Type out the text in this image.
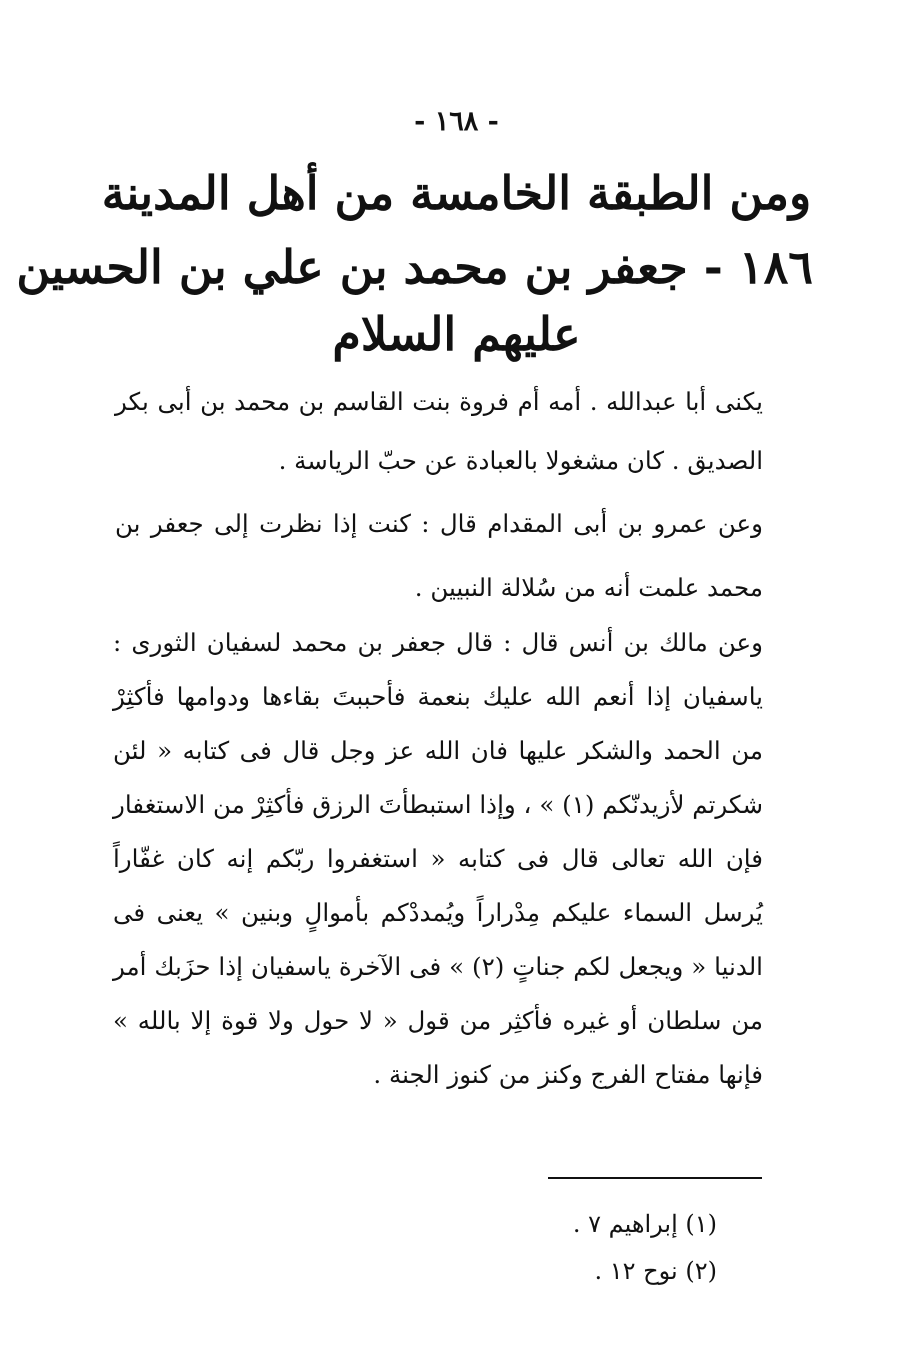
- ١٦٨ -
ومن الطبقة الخامسة من أهل المدينة
١٨٦ - جعفر بن محمد بن علي بن الحسين
عليهم السلام
يكنى أبا عبدالله . أمه أم فروة بنت القاسم بن محمد بن أبى بكر الصديق . كان مشغولا بالعبادة عن حبّ الرياسة .
وعن عمرو بن أبى المقدام قال : كنت إذا نظرت إلى جعفر بن محمد علمت أنه من سُلالة النبيين .
وعن مالك بن أنس قال : قال جعفر بن محمد لسفيان الثورى : ياسفيان إذا أنعم الله عليك بنعمة فأحببتَ بقاءها ودوامها فأكثِرْ من الحمد والشكر عليها فان الله عز وجل قال فى كتابه « لئن شكرتم لأزيدنّكم (١) » ، وإذا استبطأتَ الرزق فأكثِرْ من الاستغفار فإن الله تعالى قال فى كتابه « استغفروا ربّكم إنه كان غفّاراً يُرسل السماء عليكم مِدْراراً ويُمددْكم بأموالٍ وبنين » يعنى فى الدنيا « ويجعل لكم جناتٍ (٢) » فى الآخرة ياسفيان إذا حزَبك أمر من سلطان أو غيره فأكثِر من قول « لا حول ولا قوة إلا بالله » فإنها مفتاح الفرج وكنز من كنوز الجنة .
(١) إبراهيم ٧ .
(٢) نوح ١٢ .
